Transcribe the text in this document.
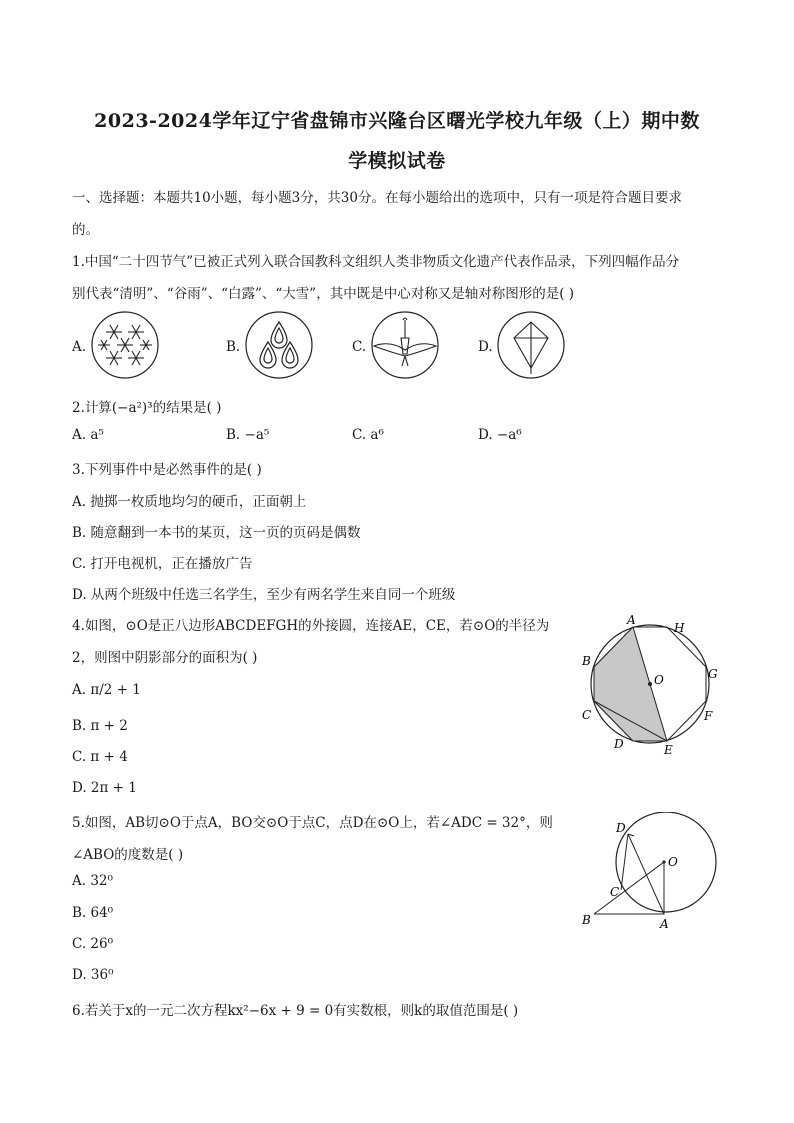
2023-2024学年辽宁省盘锦市兴隆台区曙光学校九年级（上）期中数
学模拟试卷
一、选择题：本题共10小题，每小题3分，共30分。在每小题给出的选项中，只有一项是符合题目要求
的。
1.中国“二十四节气”已被正式列入联合国教科文组织人类非物质文化遗产代表作品录，下列四幅作品分
别代表“清明”、“谷雨”、“白露”、“大雪”，其中既是中心对称又是轴对称图形的是( )
A.	B.	C.	D.
2.计算(−a²)³的结果是( )
A. a⁵	B. −a⁵	C. a⁶	D. −a⁶
3.下列事件中是必然事件的是( )
A. 抛掷一枚质地均匀的硬币，正面朝上
B. 随意翻到一本书的某页，这一页的页码是偶数
C. 打开电视机，正在播放广告
D. 从两个班级中任选三名学生，至少有两名学生来自同一个班级
4.如图，⊙O是正八边形ABCDEFGH的外接圆，连接AE，CE，若⊙O的半径为
2，则图中阴影部分的面积为( )
A. π/2 + 1
B. π + 2
C. π + 4
D. 2π + 1
A
H
B
G
O
C	F
D	E
5.如图，AB切⊙O于点A，BO交⊙O于点C，点D在⊙O上，若∠ADC = 32°，则
∠ABO的度数是( )
A. 32⁰
B. 64⁰
C. 26⁰
D. 36⁰
D
O
C
B	A
6.若关于x的一元二次方程kx²−6x + 9 = 0有实数根，则k的取值范围是( )
